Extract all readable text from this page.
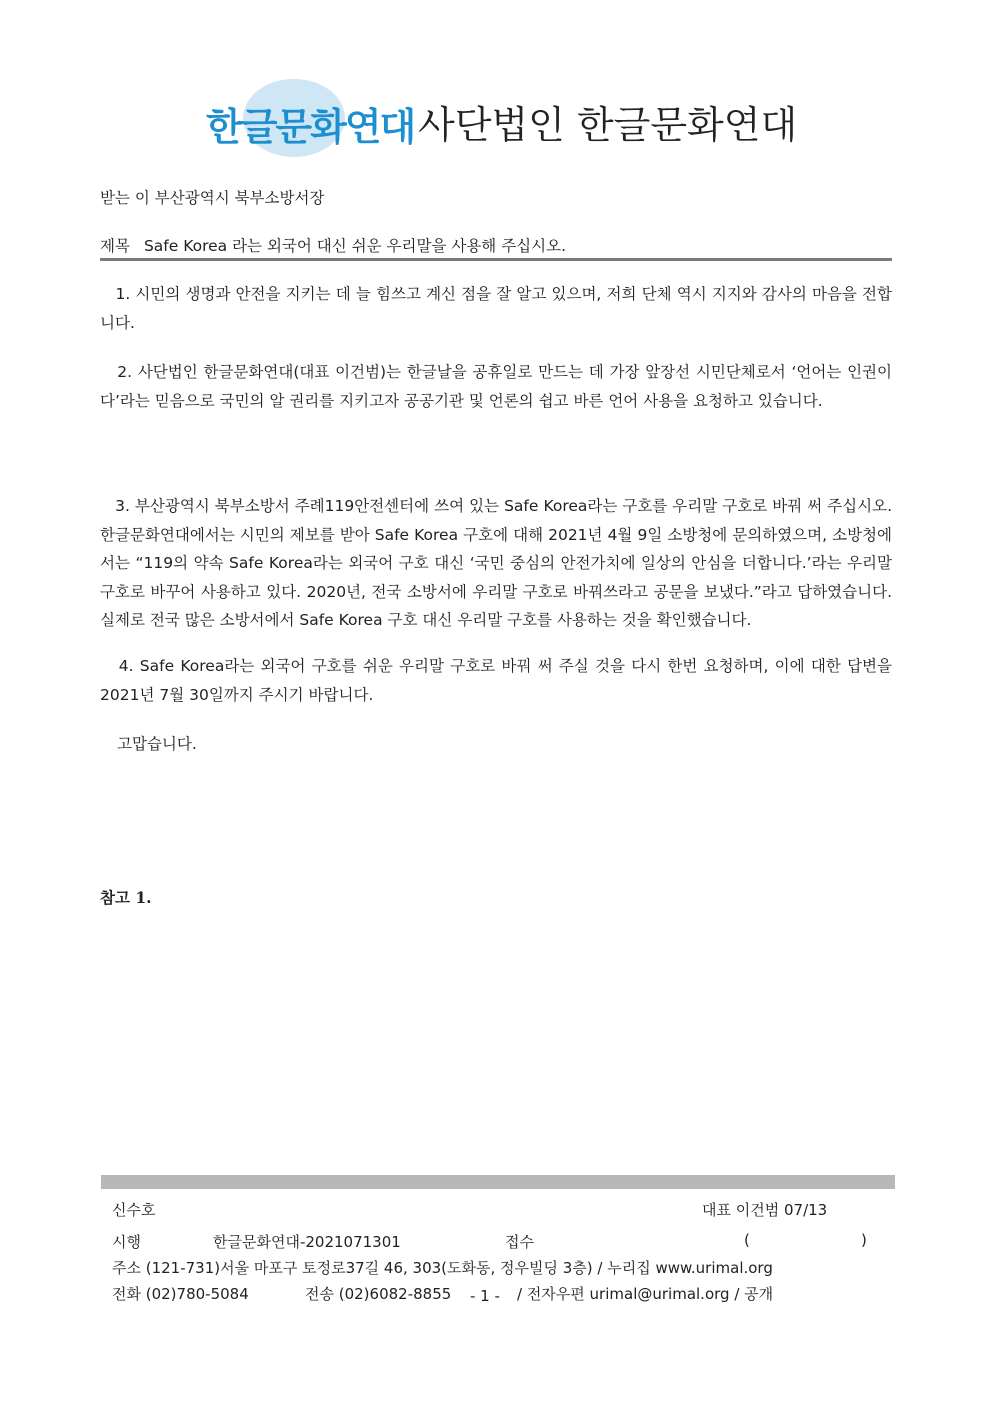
한글문화연대 사단법인 한글문화연대
받는 이 부산광역시 북부소방서장
제목 Safe Korea 라는 외국어 대신 쉬운 우리말을 사용해 주십시오.
1. 시민의 생명과 안전을 지키는 데 늘 힘쓰고 계신 점을 잘 알고 있으며, 저희 단체 역시 지지와 감사의 마음을 전합니다.
2. 사단법인 한글문화연대(대표 이건범)는 한글날을 공휴일로 만드는 데 가장 앞장선 시민단체로서 ‘언어는 인권이다’라는 믿음으로 국민의 알 권리를 지키고자 공공기관 및 언론의 쉽고 바른 언어 사용을 요청하고 있습니다.
3. 부산광역시 북부소방서 주례119안전센터에 쓰여 있는 Safe Korea라는 구호를 우리말 구호로 바꿔 써 주십시오. 한글문화연대에서는 시민의 제보를 받아 Safe Korea 구호에 대해 2021년 4월 9일 소방청에 문의하였으며, 소방청에서는 “119의 약속 Safe Korea라는 외국어 구호 대신 ‘국민 중심의 안전가치에 일상의 안심을 더합니다.’라는 우리말 구호로 바꾸어 사용하고 있다. 2020년, 전국 소방서에 우리말 구호로 바꿔쓰라고 공문을 보냈다.”라고 답하였습니다. 실제로 전국 많은 소방서에서 Safe Korea 구호 대신 우리말 구호를 사용하는 것을 확인했습니다.
4. Safe Korea라는 외국어 구호를 쉬운 우리말 구호로 바꿔 써 주실 것을 다시 한번 요청하며, 이에 대한 답변을 2021년 7월 30일까지 주시기 바랍니다.
고맙습니다.
참고 1.
신수호	대표 이건범 07/13
시행	한글문화연대-2021071301	접수	(	)
주소 (121-731)서울 마포구 토정로37길 46, 303(도화동, 정우빌딩 3층) / 누리집 www.urimal.org
전화 (02)780-5084	전송 (02)6082-8855 - 1 - / 전자우편 urimal@urimal.org / 공개
